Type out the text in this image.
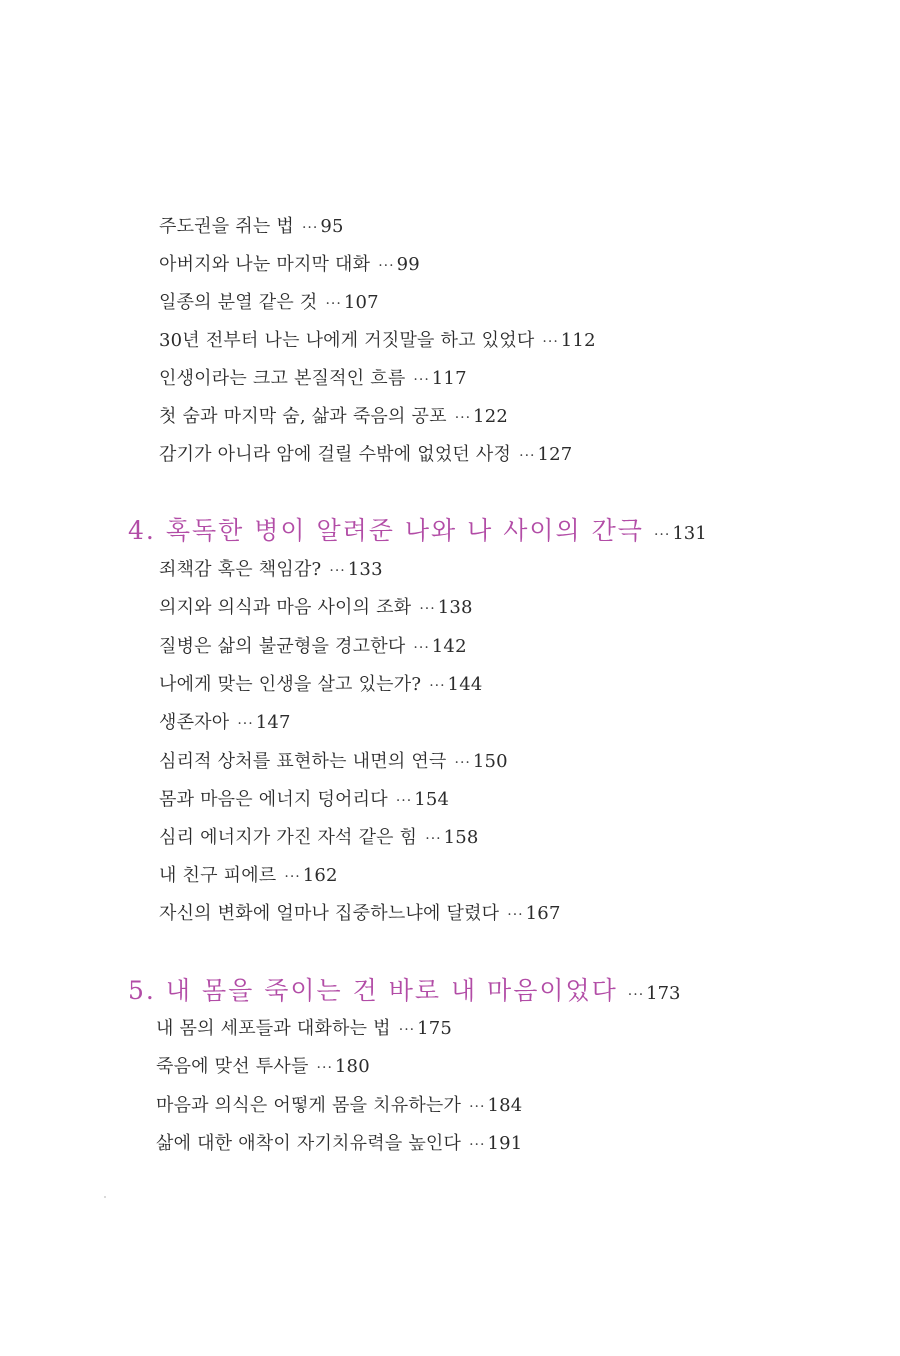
주도권을 쥐는 법 ··· 95
아버지와 나눈 마지막 대화 ··· 99
일종의 분열 같은 것 ··· 107
30년 전부터 나는 나에게 거짓말을 하고 있었다 ··· 112
인생이라는 크고 본질적인 흐름 ··· 117
첫 숨과 마지막 숨, 삶과 죽음의 공포 ··· 122
감기가 아니라 암에 걸릴 수밖에 없었던 사정 ··· 127
4. 혹독한 병이 알려준 나와 나 사이의 간극 ··· 131
죄책감 혹은 책임감? ··· 133
의지와 의식과 마음 사이의 조화 ··· 138
질병은 삶의 불균형을 경고한다 ··· 142
나에게 맞는 인생을 살고 있는가? ··· 144
생존자아 ··· 147
심리적 상처를 표현하는 내면의 연극 ··· 150
몸과 마음은 에너지 덩어리다 ··· 154
심리 에너지가 가진 자석 같은 힘 ··· 158
내 친구 피에르 ··· 162
자신의 변화에 얼마나 집중하느냐에 달렸다 ··· 167
5. 내 몸을 죽이는 건 바로 내 마음이었다 ··· 173
내 몸의 세포들과 대화하는 법 ··· 175
죽음에 맞선 투사들 ··· 180
마음과 의식은 어떻게 몸을 치유하는가 ··· 184
삶에 대한 애착이 자기치유력을 높인다 ··· 191
